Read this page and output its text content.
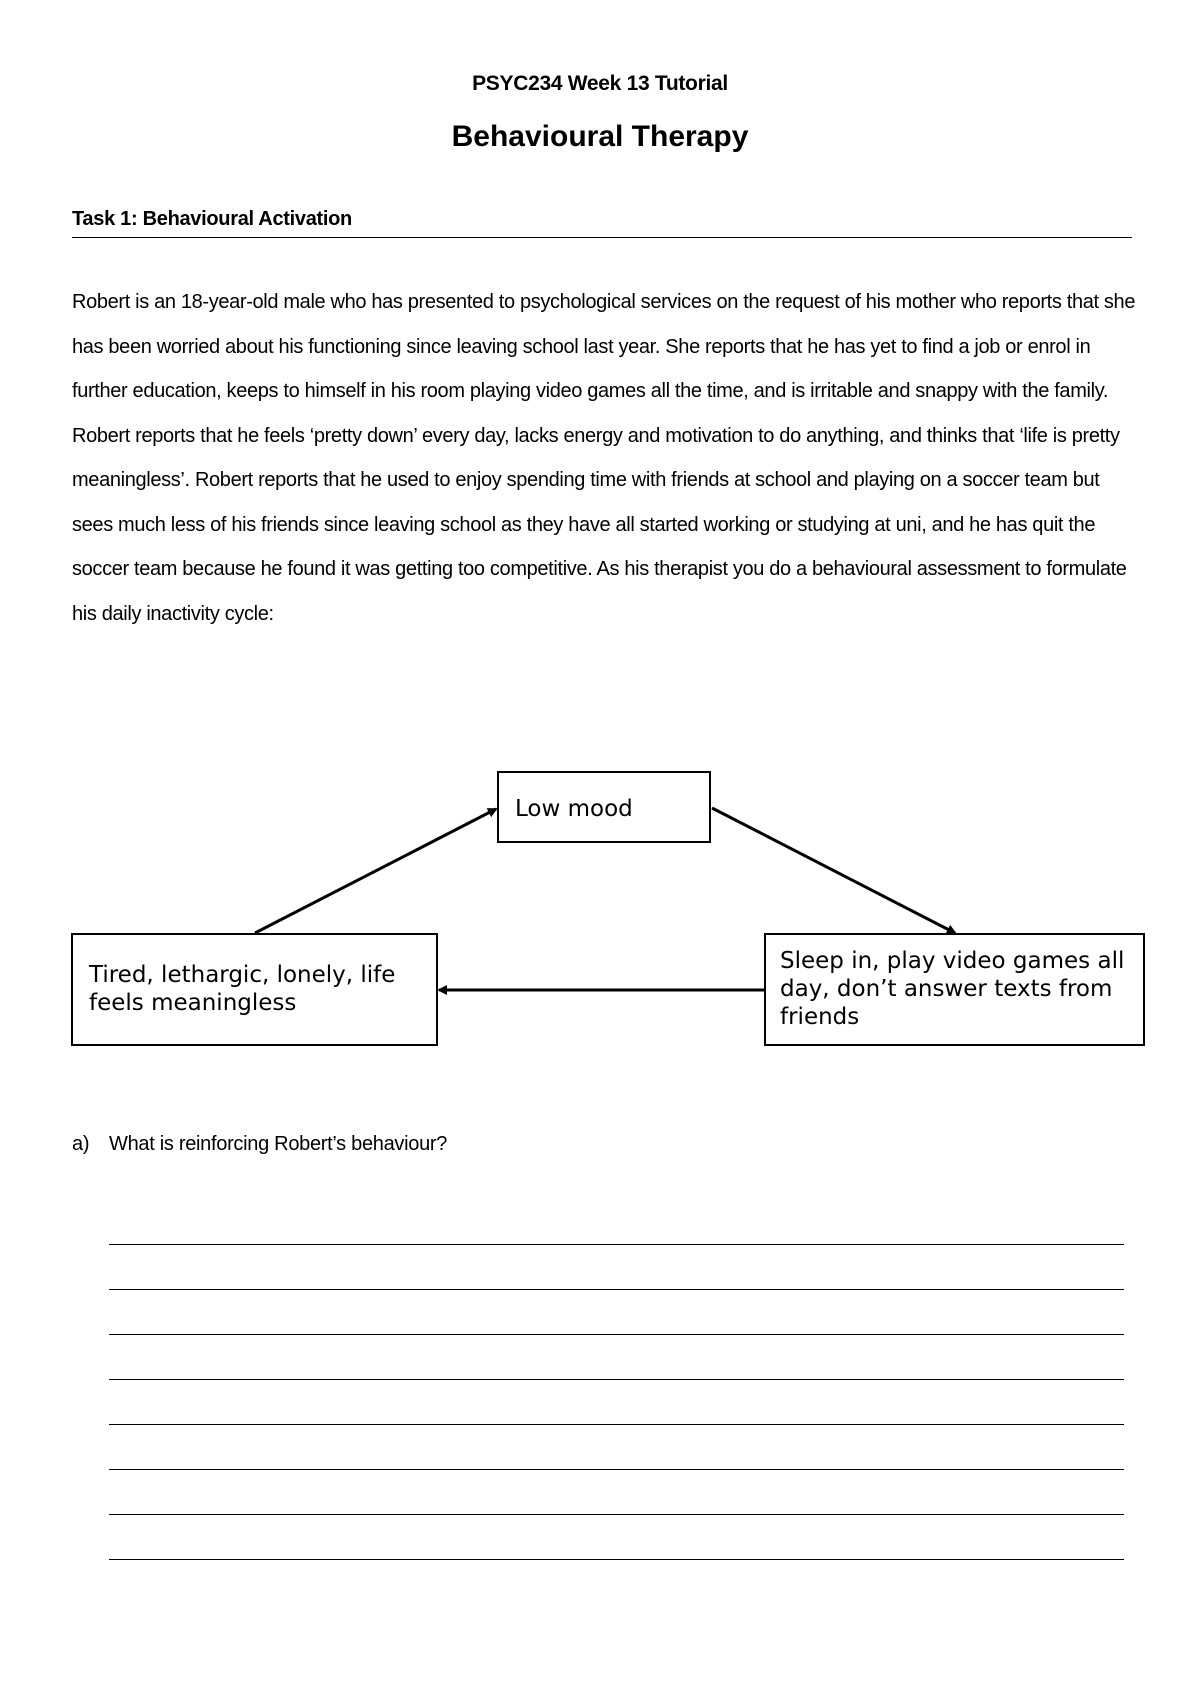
PSYC234 Week 13 Tutorial
Behavioural Therapy
Task 1: Behavioural Activation

Robert is an 18-year-old male who has presented to psychological services on the request of his mother who reports that she has been worried about his functioning since leaving school last year. She reports that he has yet to find a job or enrol in further education, keeps to himself in his room playing video games all the time, and is irritable and snappy with the family. Robert reports that he feels ‘pretty down’ every day, lacks energy and motivation to do anything, and thinks that ‘life is pretty meaningless’. Robert reports that he used to enjoy spending time with friends at school and playing on a soccer team but sees much less of his friends since leaving school as they have all started working or studying at uni, and he has quit the soccer team because he found it was getting too competitive. As his therapist you do a behavioural assessment to formulate his daily inactivity cycle:

Low mood
Sleep in, play video games all day, don’t answer texts from friends
Tired, lethargic, lonely, life feels meaningless
a) What is reinforcing Robert’s behaviour?
